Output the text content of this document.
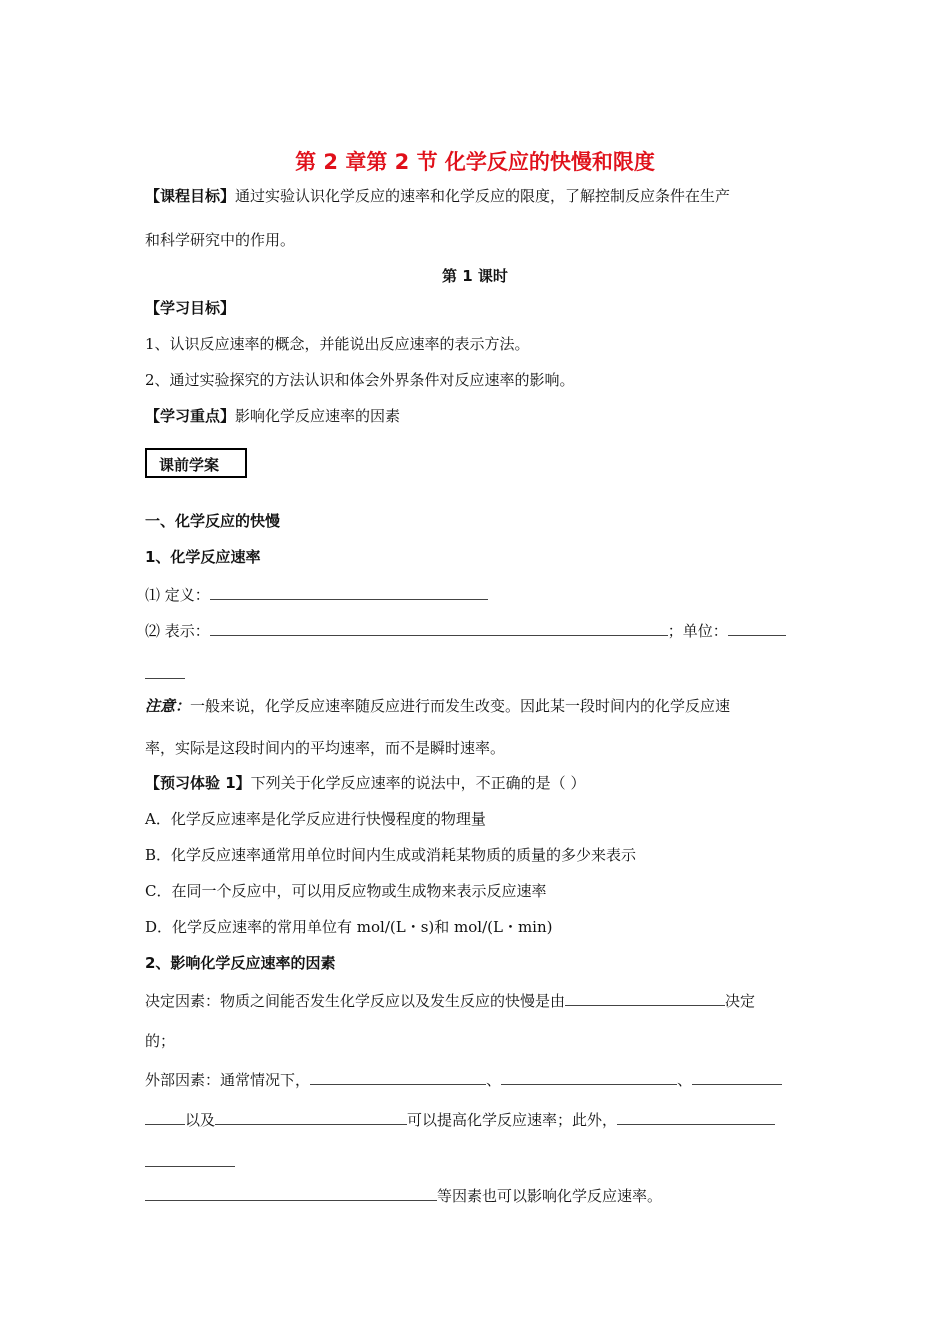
第 2 章第 2 节 化学反应的快慢和限度
【课程目标】通过实验认识化学反应的速率和化学反应的限度，了解控制反应条件在生产
和科学研究中的作用。
第 1 课时
【学习目标】
1、认识反应速率的概念，并能说出反应速率的表示方法。
2、通过实验探究的方法认识和体会外界条件对反应速率的影响。
【学习重点】影响化学反应速率的因素
课前学案
一、化学反应的快慢
1、化学反应速率
⑴ 定义：
⑵ 表示：	；单位：
注意：一般来说，化学反应速率随反应进行而发生改变。因此某一段时间内的化学反应速
率，实际是这段时间内的平均速率，而不是瞬时速率。
【预习体验 1】下列关于化学反应速率的说法中，不正确的是（ ）
A．化学反应速率是化学反应进行快慢程度的物理量
B．化学反应速率通常用单位时间内生成或消耗某物质的质量的多少来表示
C．在同一个反应中，可以用反应物或生成物来表示反应速率
D．化学反应速率的常用单位有 mol/(L・s)和 mol/(L・min)
2、影响化学反应速率的因素
决定因素：物质之间能否发生化学反应以及发生反应的快慢是由	决定
的；
外部因素：通常情况下，	、	、
以及	可以提高化学反应速率；此外，
等因素也可以影响化学反应速率。
